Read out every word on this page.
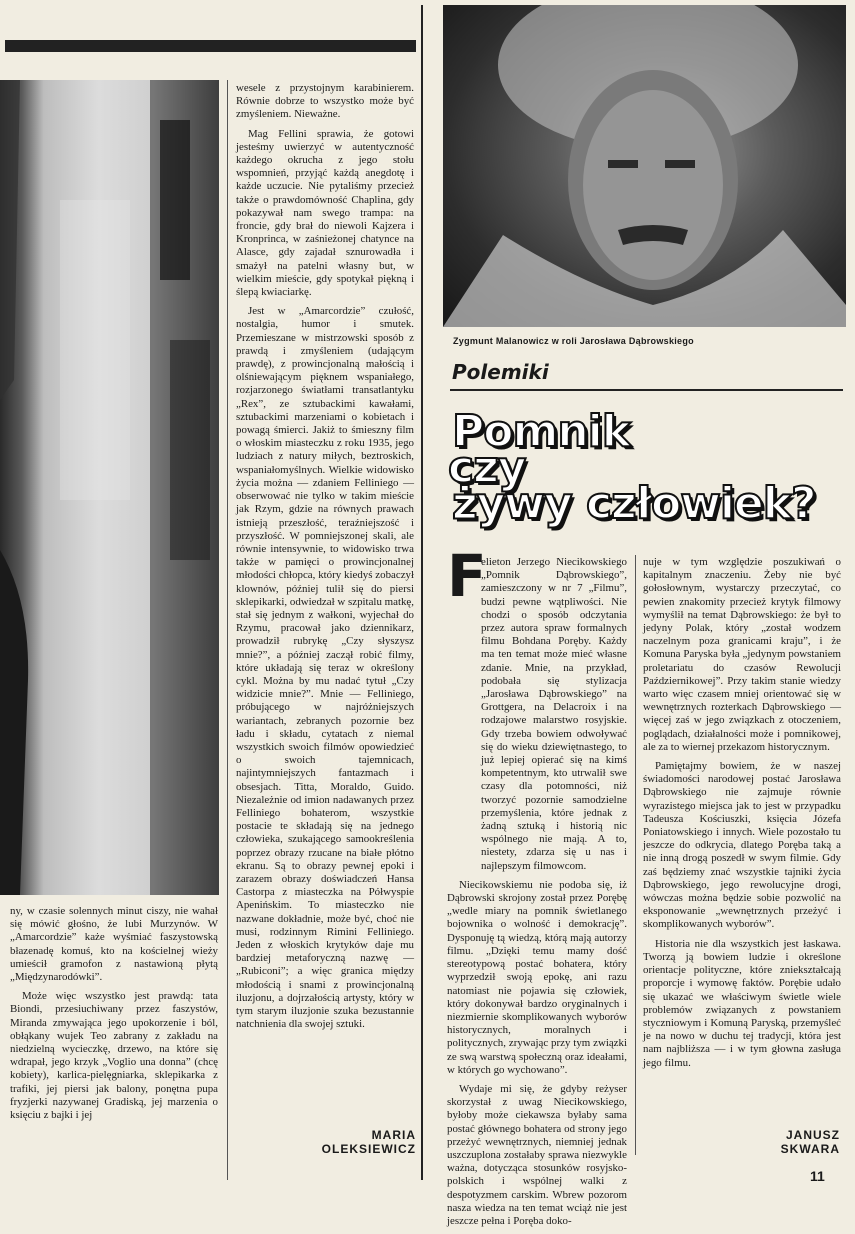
Zygmunt Malanowicz w roli Jarosława Dąbrowskiego
Polemiki
Pomnik
czy
żywy człowiek?

ny, w czasie solennych minut ciszy, nie wahał się mówić głośno, że lubi Murzynów. W „Amarcordzie” każe wyśmiać faszystowską błazenadę komuś, kto na kościelnej wieży umieścił gramofon z nastawioną płytą „Międzynarodówki”.

Może więc wszystko jest prawdą: tata Biondi, przesiuchiwany przez faszystów, Miranda zmywająca jego upokorzenie i ból, obłąkany wujek Teo zabrany z zakładu na niedzielną wycieczkę, drzewo, na które się wdrapał, jego krzyk „Voglio una donna” (chcę kobiety), karlica-pielęgniarka, sklepikarka z trafiki, jej piersi jak balony, ponętna pupa fryzjerki nazywanej Gradiską, jej marzenia o księciu z bajki i jej

wesele z przystojnym karabinierem. Równie dobrze to wszystko może być zmyśleniem. Nieważne.

Mag Fellini sprawia, że gotowi jesteśmy uwierzyć w autentyczność każdego okrucha z jego stołu wspomnień, przyjąć każdą anegdotę i każde uczucie. Nie pytaliśmy przecież także o prawdomówność Chaplina, gdy pokazywał nam swego trampa: na froncie, gdy brał do niewoli Kajzera i Kronprinca, w zaśnieżonej chatynce na Alasce, gdy zajadał sznurowadła i smażył na patelni własny but, w wielkim mieście, gdy spotykał piękną i ślepą kwiaciarkę.

Jest w „Amarcordzie” czułość, nostalgia, humor i smutek. Przemieszane w mistrzowski sposób z prawdą i zmyśleniem (udającym prawdę), z prowincjonalną małością i olśniewającym pięknem wspaniałego, rozjarzonego światłami transatlantyku „Rex”, ze sztubackimi kawałami, sztubackimi marzeniami o kobietach i powagą śmierci. Jakiż to śmieszny film o włoskim miasteczku z roku 1935, jego ludziach z natury miłych, beztroskich, wspaniałomyślnych. Wielkie widowisko życia można — zdaniem Felliniego — obserwować nie tylko w takim mieście jak Rzym, gdzie na równych prawach istnieją przeszłość, teraźniejszość i przyszłość. W pomniejszonej skali, ale równie intensywnie, to widowisko trwa także w pamięci o prowincjonalnej młodości chłopca, który kiedyś zobaczył klownów, później tulił się do piersi sklepikarki, odwiedzał w szpitalu matkę, stał się jednym z wałkoni, wyjechał do Rzymu, pracował jako dziennikarz, prowadził rubrykę „Czy słyszysz mnie?”, a później zaczął robić filmy, które układają się teraz w określony cykl. Można by mu nadać tytuł „Czy widzicie mnie?”. Mnie — Felliniego, próbującego w najróżniejszych wariantach, zebranych pozornie bez ładu i składu, cytatach z niemal wszystkich swoich filmów opowiedzieć o swoich tajemnicach, najintymniejszych fantazmach i obsesjach. Titta, Moraldo, Guido. Niezależnie od imion nadawanych przez Felliniego bohaterom, wszystkie postacie te składają się na jednego człowieka, szukającego samookreślenia poprzez obrazy rzucane na białe płótno ekranu. Są to obrazy pewnej epoki i zarazem obrazy doświadczeń Hansa Castorpa z miasteczka na Półwyspie Apenińskim. To miasteczko nie nazwane dokładnie, może być, choć nie musi, rodzinnym Rimini Felliniego. Jeden z włoskich krytyków daje mu bardziej metaforyczną nazwę — „Rubiconi”; a więc granica między młodością i snami z prowincjonalną iluzjonu, a dojrzałością artysty, który w tym starym iluzjonie szuka bezustannie natchnienia dla swojej sztuki.

MARIA
OLEKSIEWICZ
F

elieton Jerzego Niecikowskiego „Pomnik Dąbrowskiego”, zamieszczony w nr 7 „Filmu”, budzi pewne wątpliwości. Nie chodzi o sposób odczytania przez autora spraw formalnych filmu Bohdana Poręby. Każdy ma ten temat może mieć własne zdanie. Mnie, na przykład, podobała się stylizacja „Jarosława Dąbrowskiego” na Grottgera, na Delacroix i na rodzajowe malarstwo rosyjskie. Gdy trzeba bowiem odwoływać się do wieku dziewiętnastego, to już lepiej opierać się na kimś kompetentnym, kto utrwalił swe czasy dla potomności, niż tworzyć pozornie samodzielne przemyślenia, które jednak z żadną sztuką i historią nic wspólnego nie mają. A to, niestety, zdarza się u nas i najlepszym filmowcom.

Niecikowskiemu nie podoba się, iż Dąbrowski skrojony został przez Porębę „wedle miary na pomnik świetlanego bojownika o wolność i demokrację”. Dysponuję tą wiedzą, którą mają autorzy filmu. „Dzięki temu mamy dość stereotypową postać bohatera, który wyprzedził swoją epokę, ani razu natomiast nie pojawia się człowiek, który dokonywał bardzo oryginalnych i niezmiernie skomplikowanych wyborów historycznych, moralnych i politycznych, zrywając przy tym związki ze swą warstwą społeczną oraz ideałami, w których go wychowano”.

Wydaje mi się, że gdyby reżyser skorzystał z uwag Niecikowskiego, byłoby może ciekawsza byłaby sama postać głównego bohatera od strony jego przeżyć wewnętrznych, niemniej jednak uszczuplona zostałaby sprawa niezwykle ważna, dotycząca stosunków rosyjsko-polskich i wspólnej walki z despotyzmem carskim. Wbrew pozorom nasza wiedza na ten temat wciąż nie jest jeszcze pełna i Poręba doko-

nuje w tym względzie poszukiwań o kapitalnym znaczeniu. Żeby nie być gołosłownym, wystarczy przeczytać, co pewien znakomity przecież krytyk filmowy wymyślił na temat Dąbrowskiego: że był to jedyny Polak, który „został wodzem naczelnym poza granicami kraju”, i że Komuna Paryska była „jedynym powstaniem proletariatu do czasów Rewolucji Październikowej”. Przy takim stanie wiedzy warto więc czasem mniej orientować się w wewnętrznych rozterkach Dąbrowskiego — więcej zaś w jego związkach z otoczeniem, poglądach, działalności może i pomnikowej, ale za to wiernej przekazom historycznym.

Pamiętajmy bowiem, że w naszej świadomości narodowej postać Jarosława Dąbrowskiego nie zajmuje równie wyrazistego miejsca jak to jest w przypadku Tadeusza Kościuszki, księcia Józefa Poniatowskiego i innych. Wiele pozostało tu jeszcze do odkrycia, dlatego Poręba taką a nie inną drogą poszedł w swym filmie. Gdy zaś będziemy znać wszystkie tajniki życia Dąbrowskiego, jego rewolucyjne drogi, wówczas można będzie sobie pozwolić na eksponowanie „wewnętrznych przeżyć i skomplikowanych wyborów”.

Historia nie dla wszystkich jest łaskawa. Tworzą ją bowiem ludzie i określone orientacje polityczne, które zniekształcają proporcje i wymowę faktów. Porębie udało się ukazać we właściwym świetle wiele problemów związanych z powstaniem styczniowym i Komuną Paryską, przemyśleć je na nowo w duchu tej tradycji, która jest nam najbliższa — i w tym głowna zasługa jego filmu.

JANUSZ
SKWARA
11
